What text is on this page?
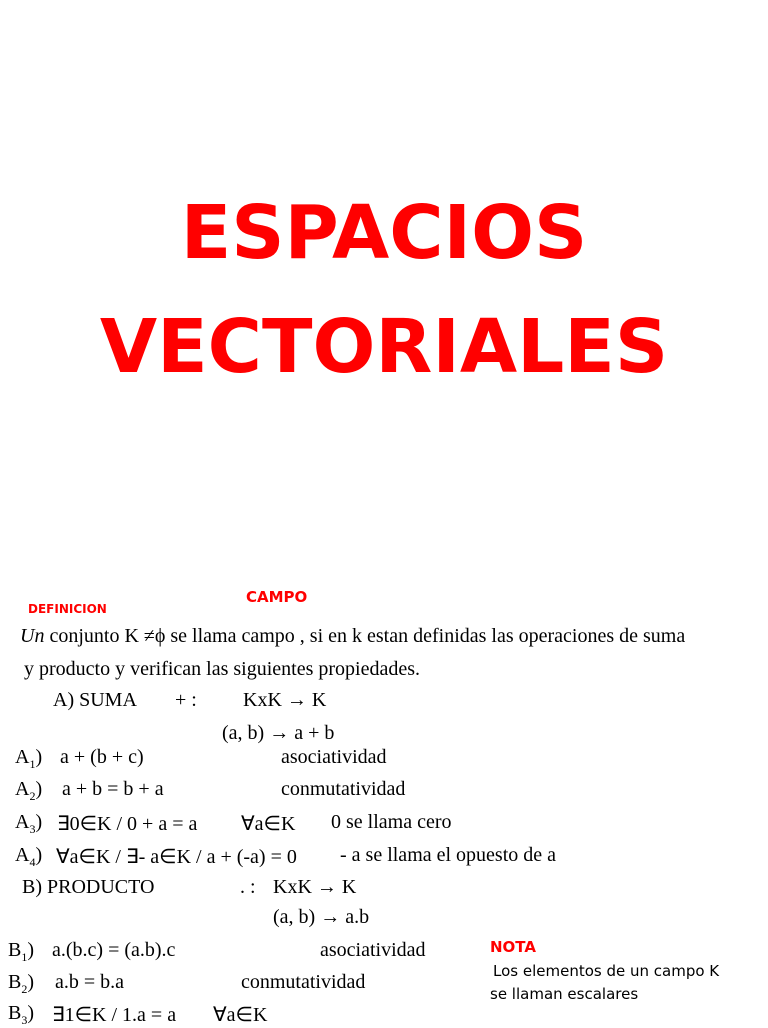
ESPACIOS
VECTORIALES
CAMPO
DEFINICION
Un conjunto K ≠ϕ se llama campo , si en k estan definidas las operaciones de suma
y producto y verifican las siguientes propiedades.
A) SUMA + : KxK → K
(a, b) → a + b
$A_1$) a + (b + c)	asociatividad
$A_2$) a + b = b + a	conmutatividad
$A_3$) ∃0∈K / 0 + a = a ∀a∈K 0 se llama cero
$A_4$) ∀a∈K / ∃- a∈K / a + (-a) = 0 - a se llama el opuesto de a
B) PRODUCTO	. : KxK → K
(a, b) → a.b
$B_1$) a.(b.c) = (a.b).c	asociatividad
$B_2$) a.b = b.a	conmutatividad
$B_3$) ∃1∈K / 1.a = a ∀a∈K
NOTA
Los elementos de un campo K
se llaman escalares
